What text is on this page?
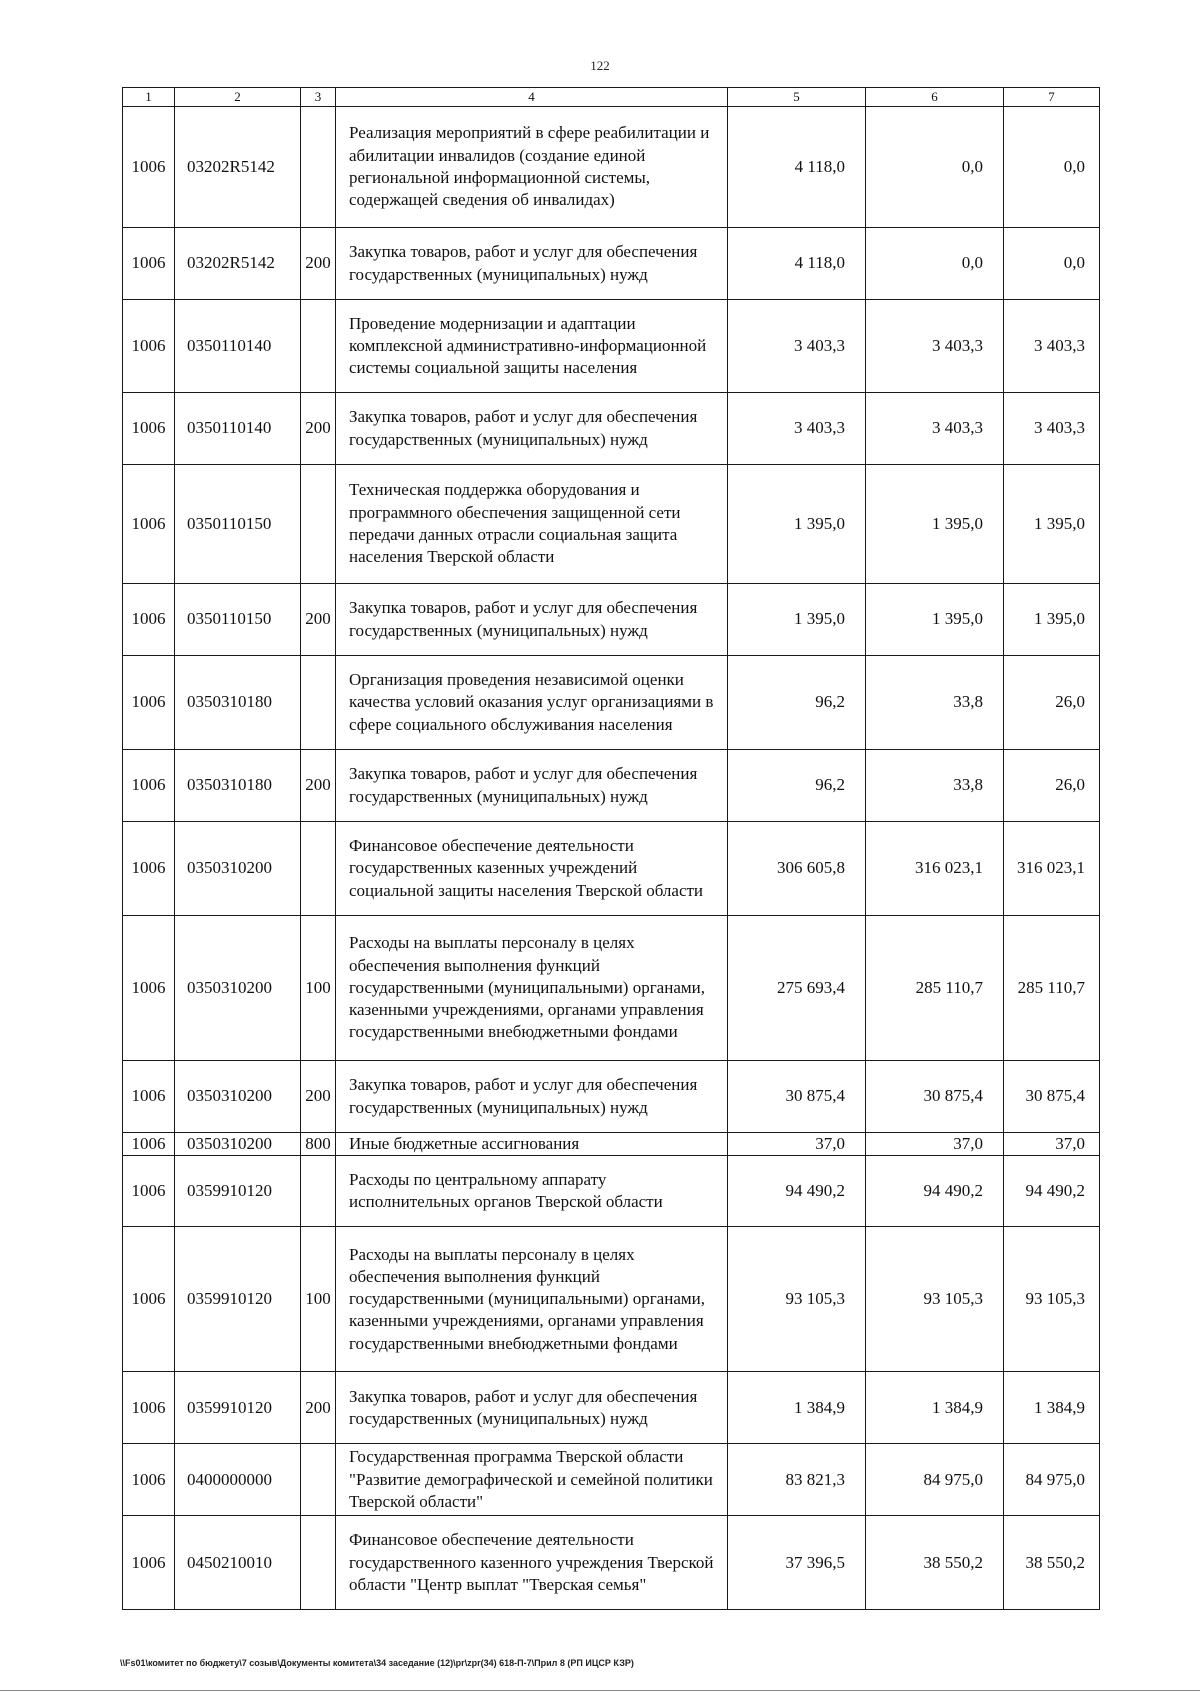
122
1	2	3	4	5	6	7
1006	03202R5142		Реализация мероприятий в сфере реабилитации и абилитации инвалидов (создание единой региональной информационной системы, содержащей сведения об инвалидах)	4 118,0	0,0	0,0
1006	03202R5142	200	Закупка товаров, работ и услуг для обеспечения государственных (муниципальных) нужд	4 118,0	0,0	0,0
1006	0350110140		Проведение модернизации и адаптации комплексной административно-информационной системы социальной защиты населения	3 403,3	3 403,3	3 403,3
1006	0350110140	200	Закупка товаров, работ и услуг для обеспечения государственных (муниципальных) нужд	3 403,3	3 403,3	3 403,3
1006	0350110150		Техническая поддержка оборудования и программного обеспечения защищенной сети передачи данных отрасли социальная защита населения Тверской области	1 395,0	1 395,0	1 395,0
1006	0350110150	200	Закупка товаров, работ и услуг для обеспечения государственных (муниципальных) нужд	1 395,0	1 395,0	1 395,0
1006	0350310180		Организация проведения независимой оценки качества условий оказания услуг организациями в сфере социального обслуживания населения	96,2	33,8	26,0
1006	0350310180	200	Закупка товаров, работ и услуг для обеспечения государственных (муниципальных) нужд	96,2	33,8	26,0
1006	0350310200		Финансовое обеспечение деятельности государственных казенных учреждений социальной защиты населения Тверской области	306 605,8	316 023,1	316 023,1
1006	0350310200	100	Расходы на выплаты персоналу в целях обеспечения выполнения функций государственными (муниципальными) органами, казенными учреждениями, органами управления государственными внебюджетными фондами	275 693,4	285 110,7	285 110,7
1006	0350310200	200	Закупка товаров, работ и услуг для обеспечения государственных (муниципальных) нужд	30 875,4	30 875,4	30 875,4
1006	0350310200	800	Иные бюджетные ассигнования	37,0	37,0	37,0
1006	0359910120		Расходы по центральному аппарату исполнительных органов Тверской области	94 490,2	94 490,2	94 490,2
1006	0359910120	100	Расходы на выплаты персоналу в целях обеспечения выполнения функций государственными (муниципальными) органами, казенными учреждениями, органами управления государственными внебюджетными фондами	93 105,3	93 105,3	93 105,3
1006	0359910120	200	Закупка товаров, работ и услуг для обеспечения государственных (муниципальных) нужд	1 384,9	1 384,9	1 384,9
1006	0400000000		Государственная программа Тверской области "Развитие демографической и семейной политики Тверской области"	83 821,3	84 975,0	84 975,0
1006	0450210010		Финансовое обеспечение деятельности государственного казенного учреждения Тверской области "Центр выплат "Тверская семья"	37 396,5	38 550,2	38 550,2
\\Fs01\комитет по бюджету\7 созыв\Документы комитета\34 заседание (12)\pr\zpr(34) 618-П-7\Прил 8 (РП ИЦСР КЗР)
